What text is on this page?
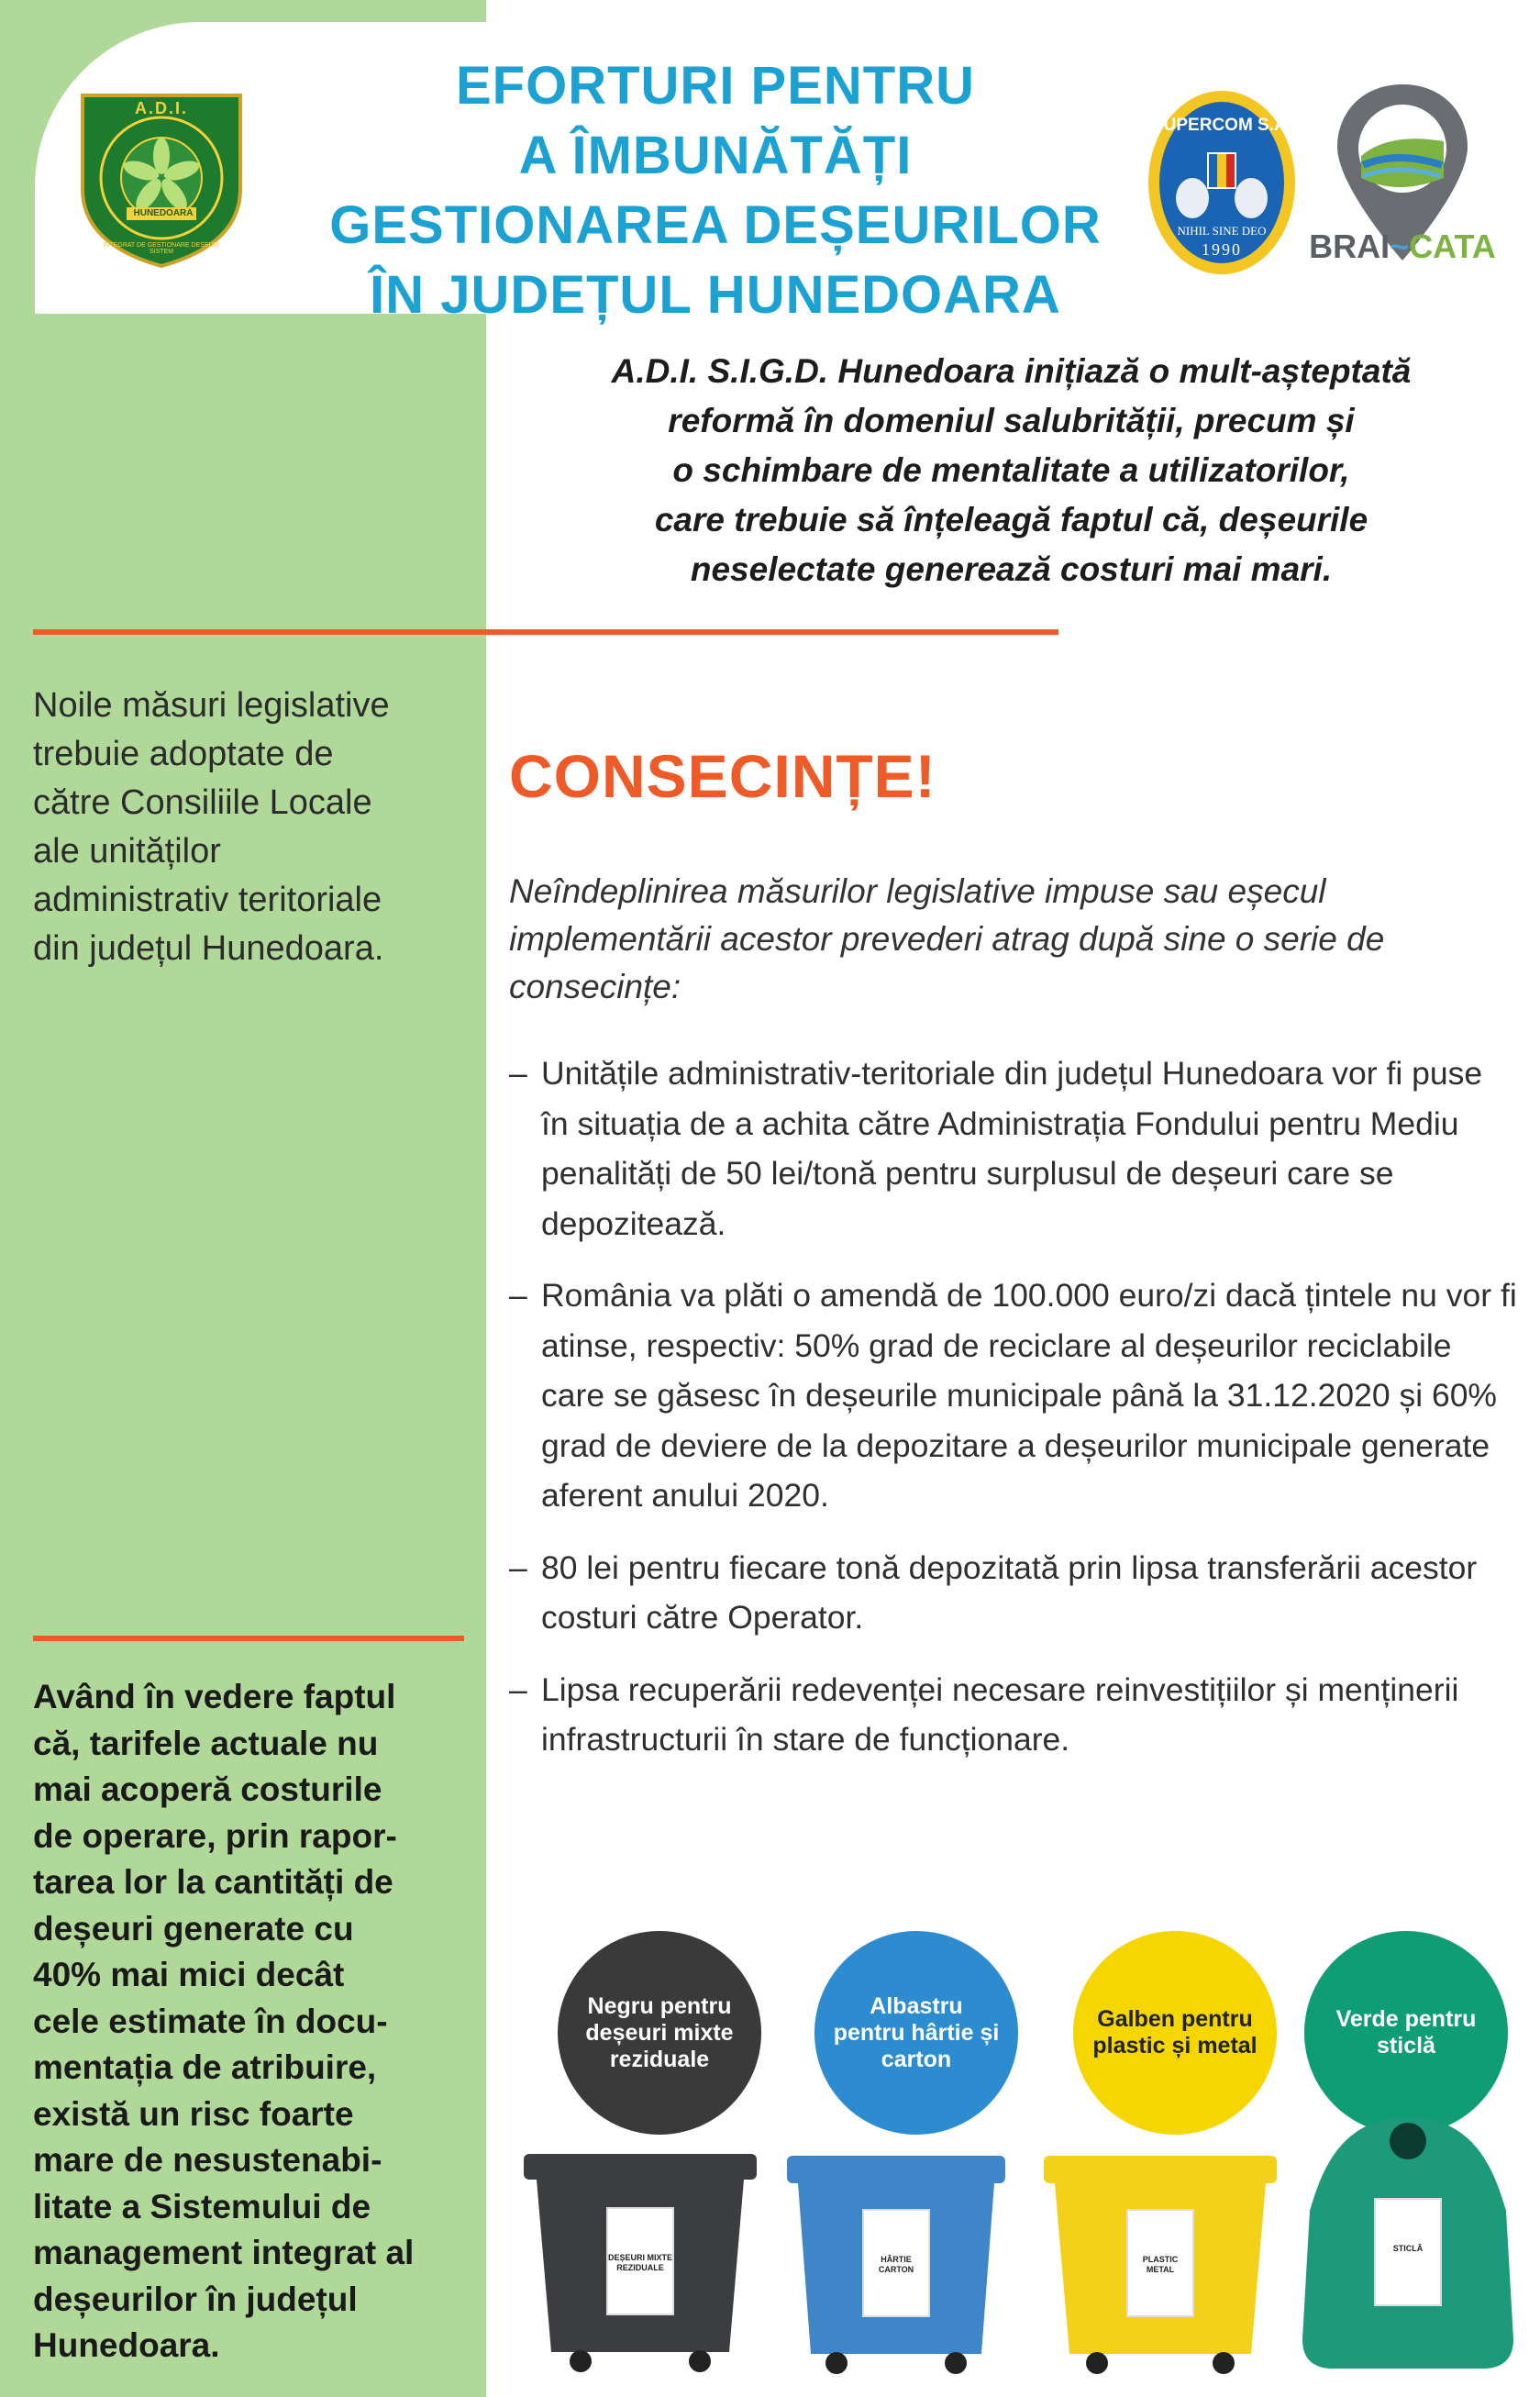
A.D.I.
HUNEDOARA
INTEGRAT DE GESTIONARE DEȘEURI SISTEM
EFORTURI PENTRU
A ÎMBUNĂTĂȚI
GESTIONAREA DEȘEURILOR
ÎN JUDEȚUL HUNEDOARA
SUPERCOM S.A.
NIHIL SINE DEO
1990	BRAI~CATA
A.D.I. S.I.G.D. Hunedoara inițiază o mult-așteptată
reformă în domeniul salubrității, precum și
o schimbare de mentalitate a utilizatorilor,
care trebuie să înțeleagă faptul că, deșeurile
neselectate generează costuri mai mari.
Noile măsuri legislative
trebuie adoptate de
către Consiliile Locale
ale unităților
administrativ teritoriale
din județul Hunedoara.
Având în vedere faptul
că, tarifele actuale nu
mai acoperă costurile
de operare, prin rapor-
tarea lor la cantități de
deșeuri generate cu
40% mai mici decât
cele estimate în docu-
mentația de atribuire,
există un risc foarte
mare de nesustenabi-
litate a Sistemului de
management integrat al
deșeurilor în județul
Hunedoara.
CONSECINȚE!
Neîndeplinirea măsurilor legislative impuse sau eșecul implementării acestor prevederi atrag după sine o serie de consecințe:
– Unitățile administrativ-teritoriale din județul Hunedoara vor fi puse în situația de a achita către Administrația Fondului pentru Mediu penalități de 50 lei/tonă pentru surplusul de deșeuri care se depozitează.
– România va plăti o amendă de 100.000 euro/zi dacă țintele nu vor fi atinse, respectiv: 50% grad de reciclare al deșeurilor reciclabile care se găsesc în deșeurile municipale până la 31.12.2020 și 60% grad de deviere de la depozitare a deșeurilor municipale generate aferent anului 2020.
– 80 lei pentru fiecare tonă depozitată prin lipsa transferării acestor costuri către Operator.
– Lipsa recuperării redevenței necesare reinvestițiilor și menținerii infrastructurii în stare de funcționare.
Negru pentru deșeuri mixte reziduale
Albastru pentru hârtie și carton
Galben pentru plastic și metal
Verde pentru sticlă
DEȘEURI MIXTE REZIDUALE
HÂRTIE CARTON
PLASTIC METAL
STICLĂ
